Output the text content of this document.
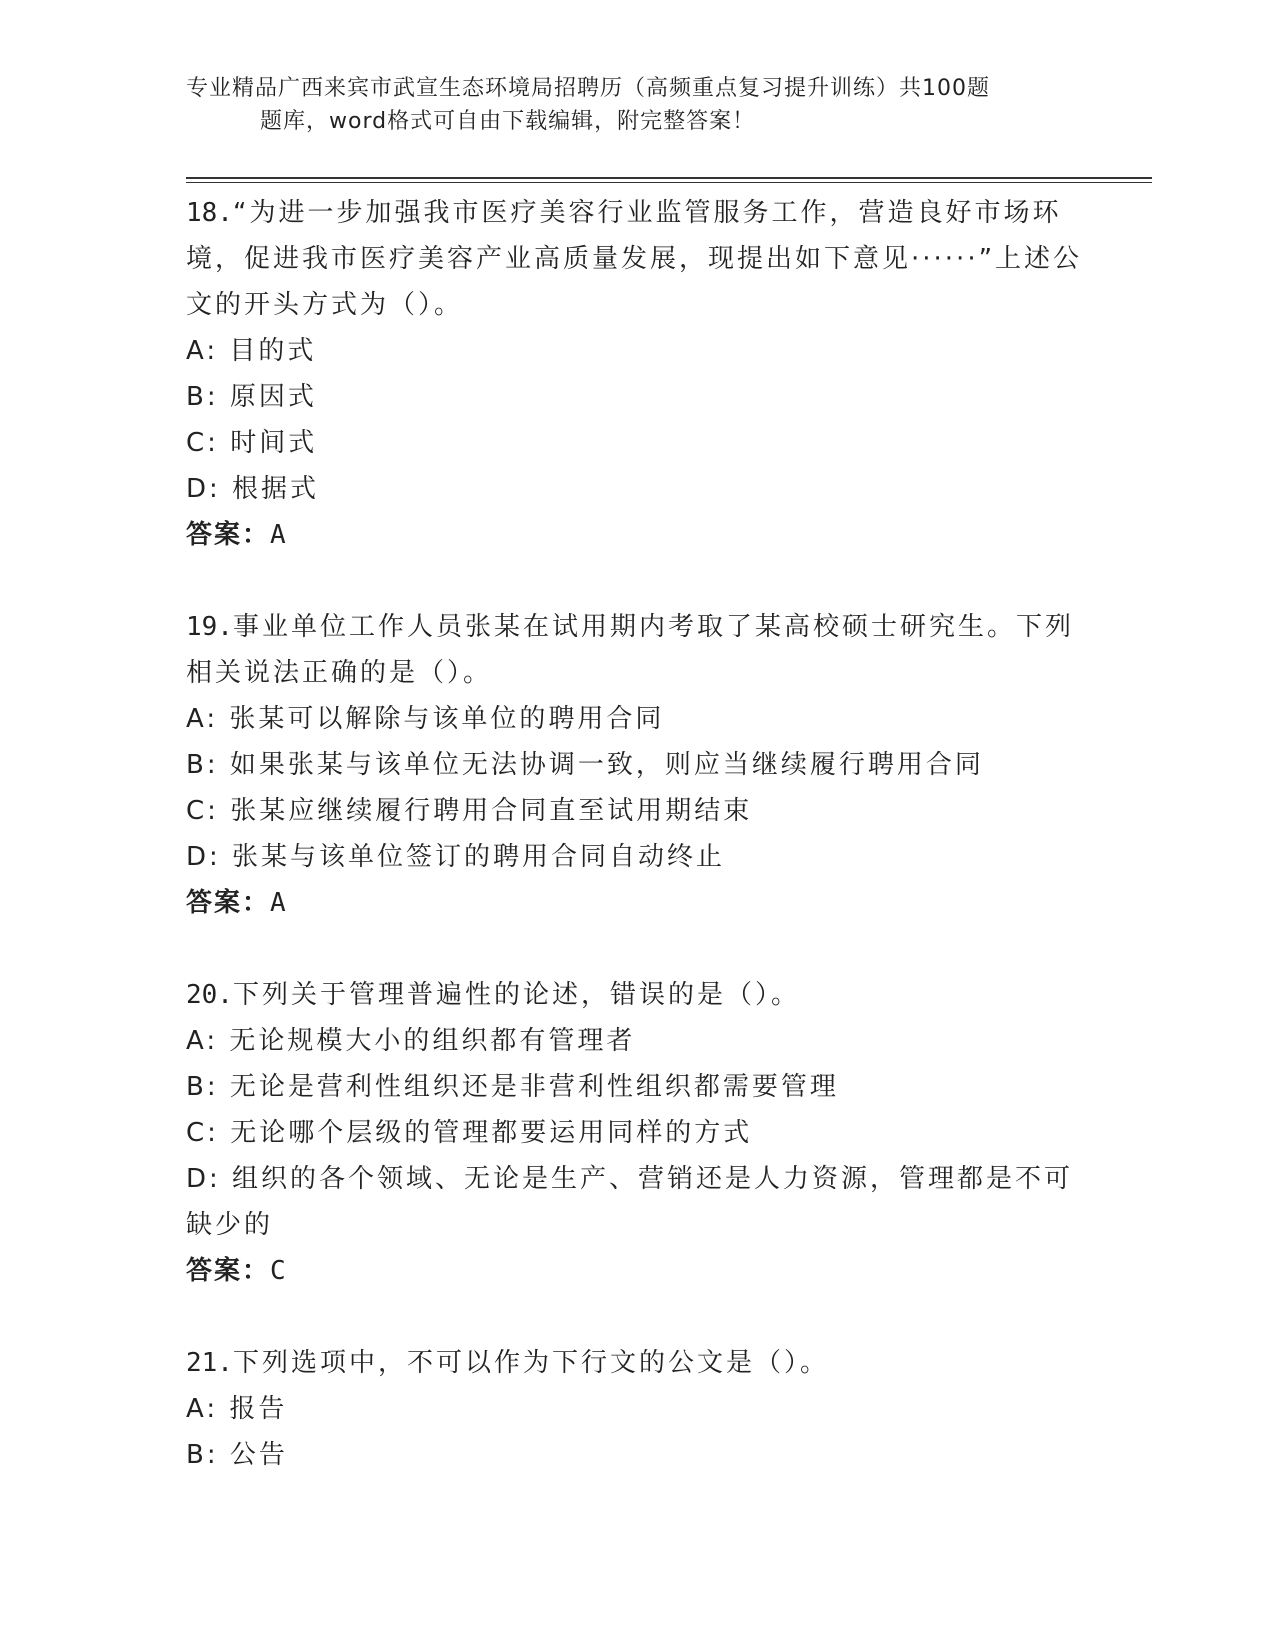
专业精品广西来宾市武宣生态环境局招聘历（高频重点复习提升训练）共100题
题库，word格式可自由下载编辑，附完整答案！
18.“为进一步加强我市医疗美容行业监管服务工作，营造良好市场环境，促进我市医疗美容产业高质量发展，现提出如下意见······”上述公文的开头方式为（）。
A: 目的式
B: 原因式
C: 时间式
D: 根据式
答案：A
19.事业单位工作人员张某在试用期内考取了某高校硕士研究生。下列相关说法正确的是（）。
A: 张某可以解除与该单位的聘用合同
B: 如果张某与该单位无法协调一致，则应当继续履行聘用合同
C: 张某应继续履行聘用合同直至试用期结束
D: 张某与该单位签订的聘用合同自动终止
答案：A
20.下列关于管理普遍性的论述，错误的是（）。
A: 无论规模大小的组织都有管理者
B: 无论是营利性组织还是非营利性组织都需要管理
C: 无论哪个层级的管理都要运用同样的方式
D: 组织的各个领域、无论是生产、营销还是人力资源，管理都是不可缺少的
答案：C
21.下列选项中，不可以作为下行文的公文是（）。
A: 报告
B: 公告
